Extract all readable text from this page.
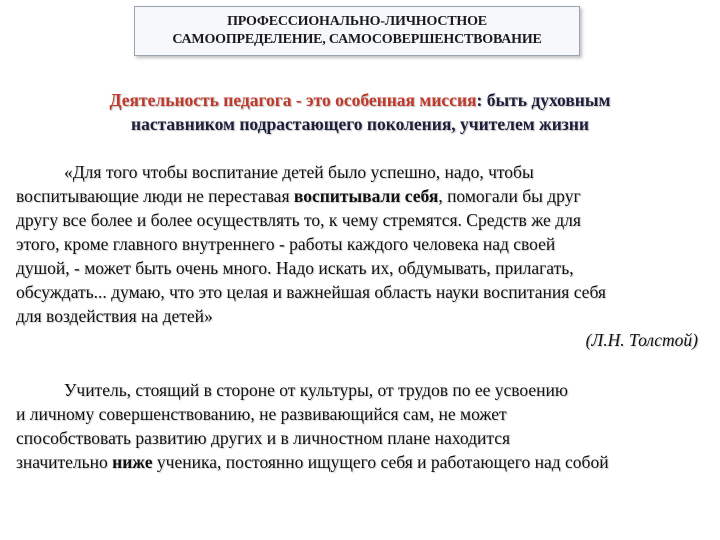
ПРОФЕССИОНАЛЬНО-ЛИЧНОСТНОЕ
САМООПРЕДЕЛЕНИЕ, САМОСОВЕРШЕНСТВОВАНИЕ
Деятельность педагога - это особенная миссия: быть духовным
наставником подрастающего поколения, учителем жизни
«Для того чтобы воспитание детей было успешно, надо, чтобы
воспитывающие люди не переставая воспитывали себя, помогали бы друг
другу все более и более осуществлять то, к чему стремятся. Средств же для
этого, кроме главного внутреннего - работы каждого человека над своей
душой, - может быть очень много. Надо искать их, обдумывать, прилагать,
обсуждать... думаю, что это целая и важнейшая область науки воспитания себя
для воздействия на детей»
(Л.Н. Толстой)
Учитель, стоящий в стороне от культуры, от трудов по ее усвоению
и личному совершенствованию, не развивающийся сам, не может
способствовать развитию других и в личностном плане находится
значительно ниже ученика, постоянно ищущего себя и работающего над собой
